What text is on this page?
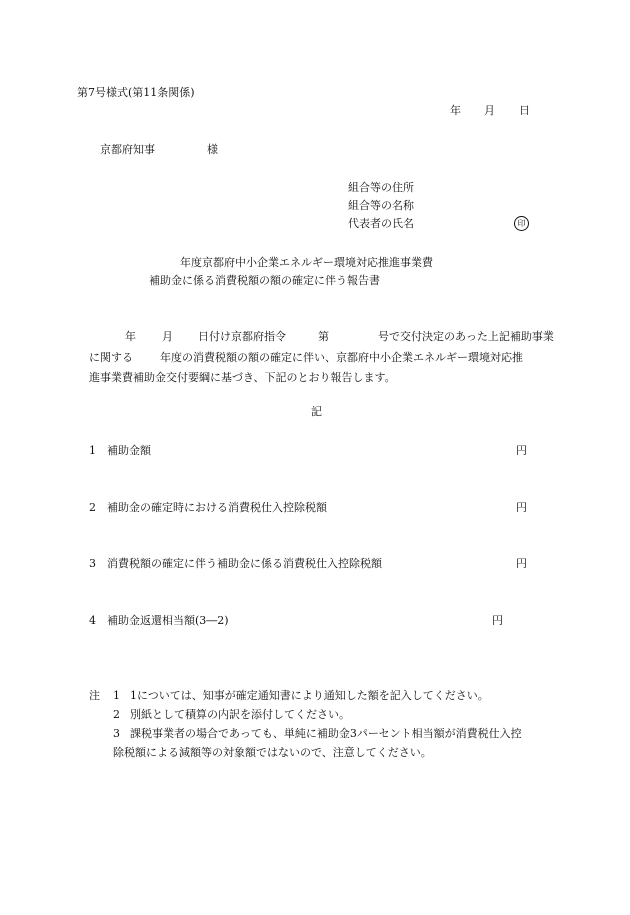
第7号様式(第11条関係)
年 月 日
京都府知事	様
組合等の住所
組合等の名称
代表者の氏名	印
年度京都府中小企業エネルギー環境対応推進事業費
補助金に係る消費税額の額の確定に伴う報告書
年 月 日付け京都府指令	第	号で交付決定のあった上記補助事業
に関する 年度の消費税額の額の確定に伴い、京都府中小企業エネルギー環境対応推
進事業費補助金交付要綱に基づき、下記のとおり報告します。
記
1 補助金額	円
2 補助金の確定時における消費税仕入控除税額	円
3 消費税額の確定に伴う補助金に係る消費税仕入控除税額	円
4 補助金返還相当額(3―2)	円
注 1 1については、知事が確定通知書により通知した額を記入してください。
2 別紙として積算の内訳を添付してください。
3 課税事業者の場合であっても、単純に補助金3パーセント相当額が消費税仕入控
除税額による減額等の対象額ではないので、注意してください。
